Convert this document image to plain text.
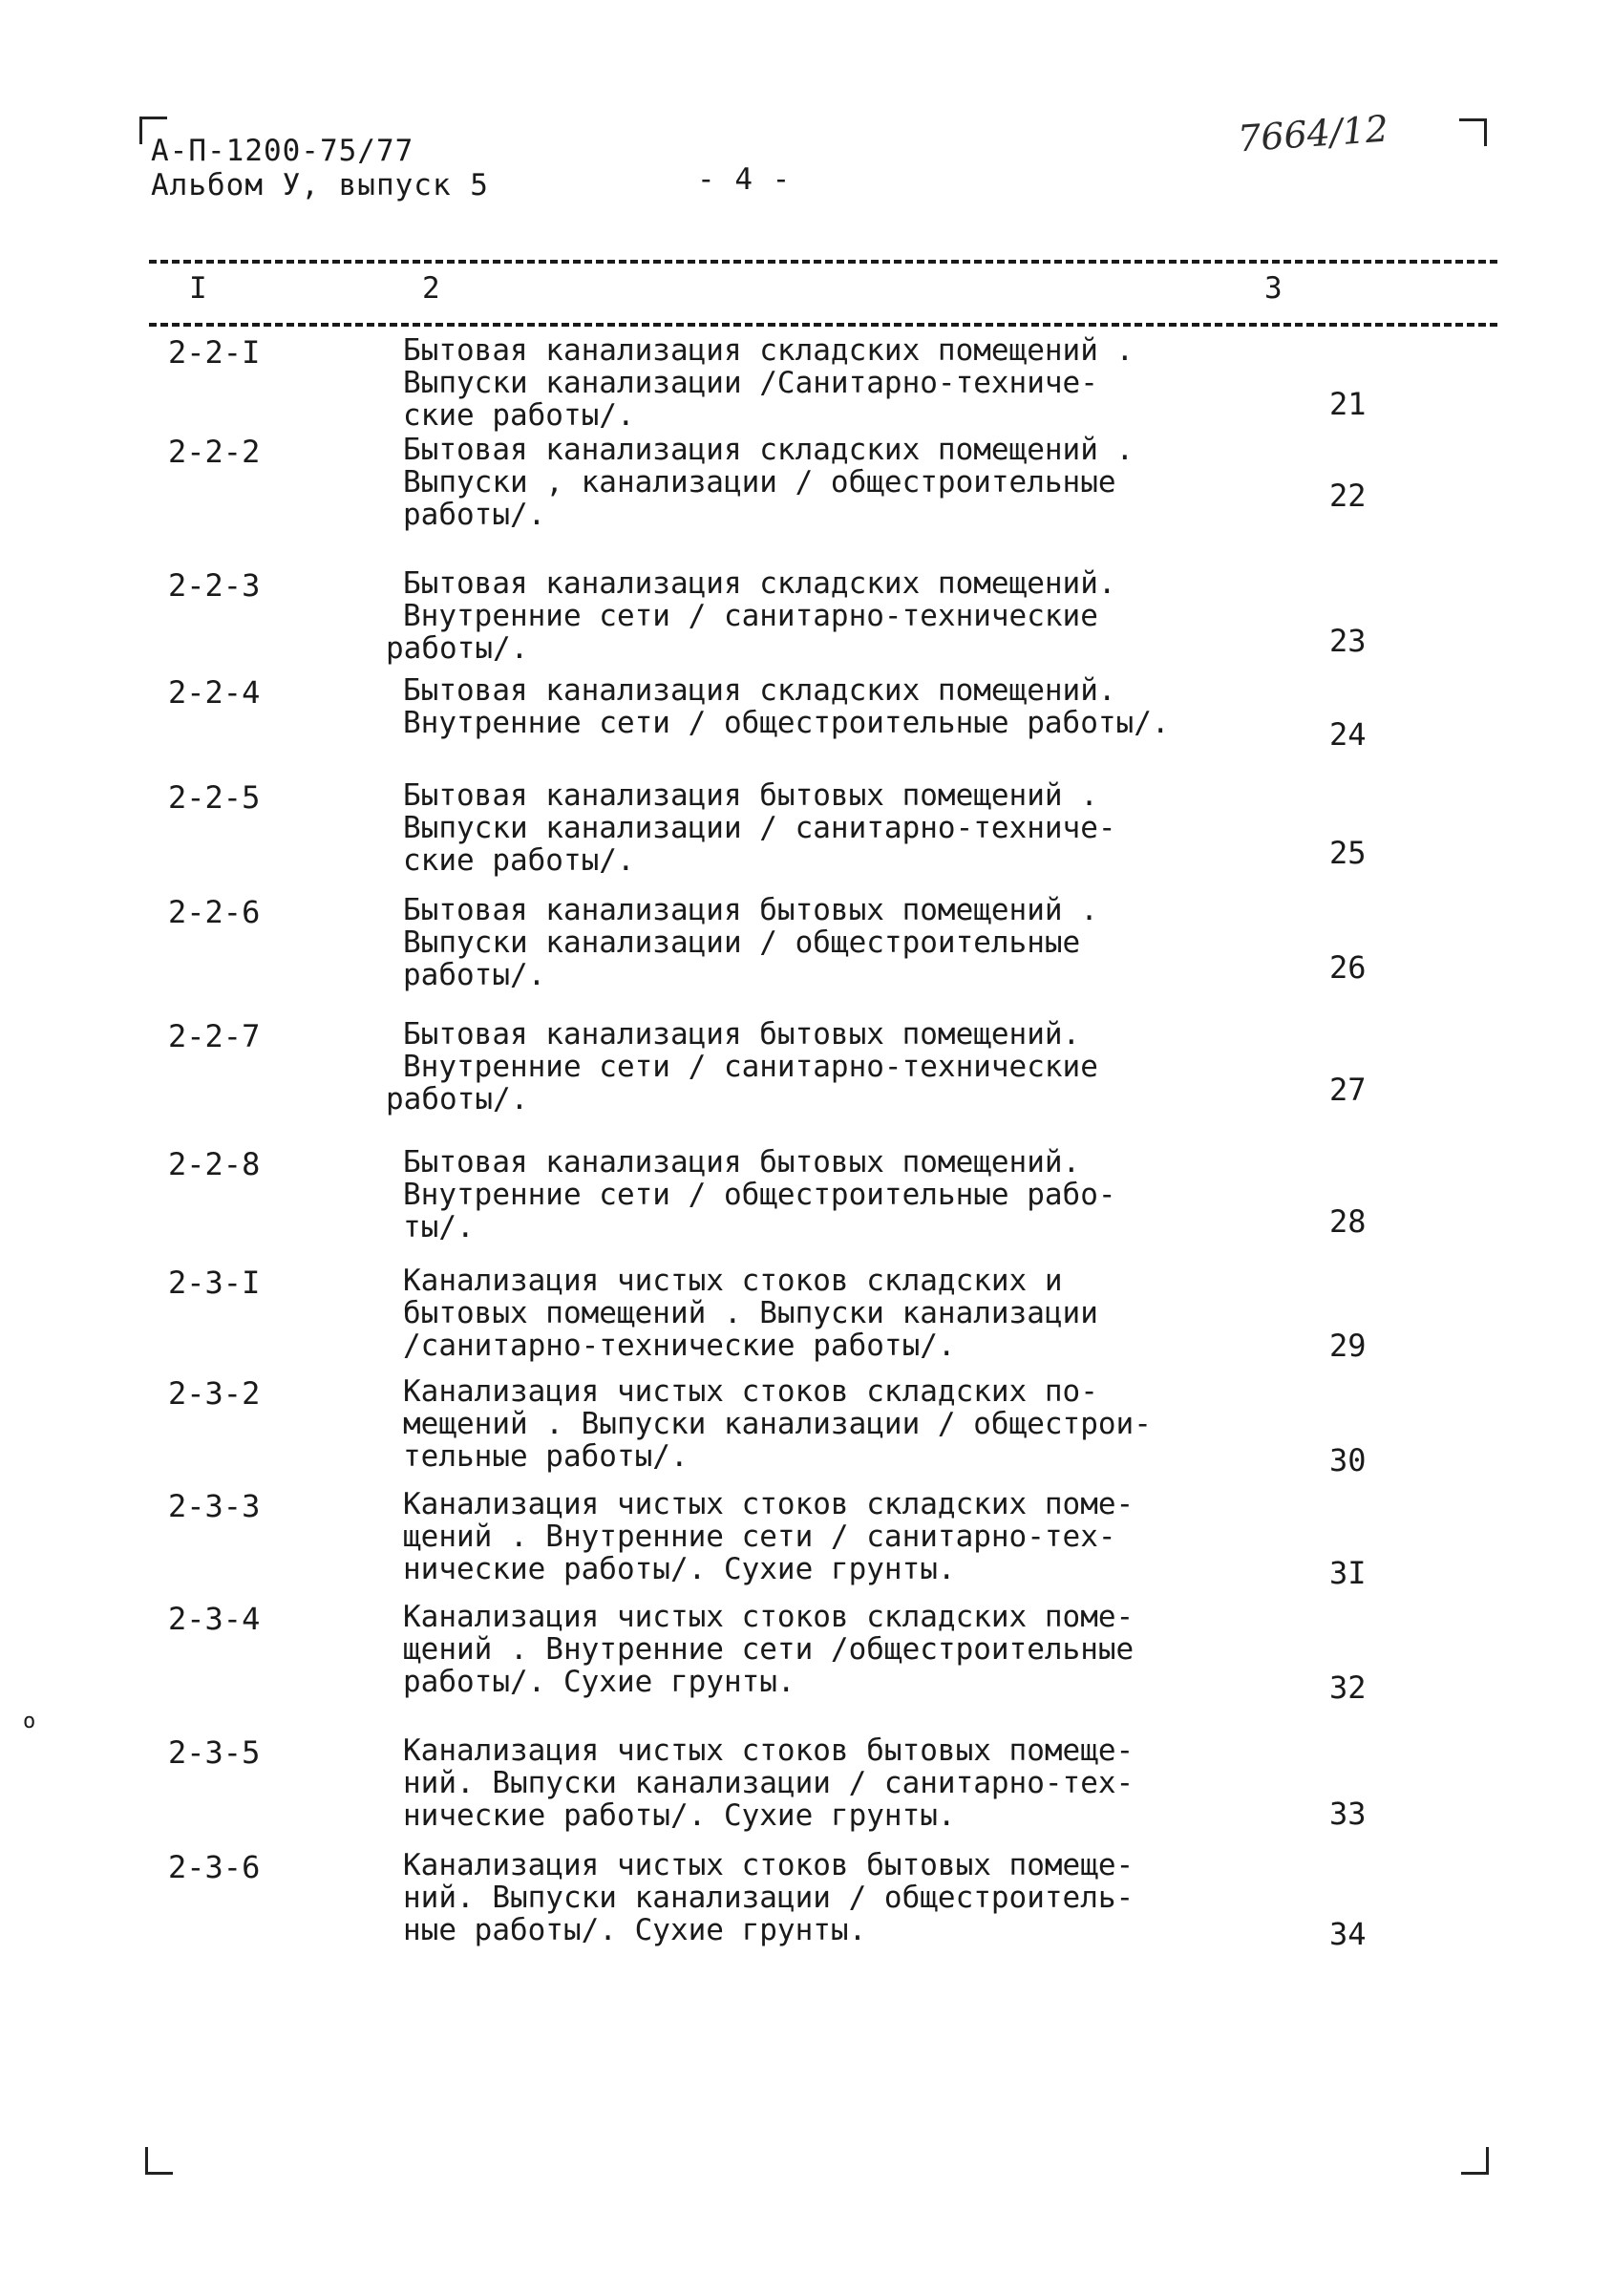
А-П-1200-75/77
Альбом У, выпуск 5	- 4 -
7664/12
I	2	3
2-2-I	Бытовая канализация складских помещений .
Выпуски канализации /Санитарно-техниче-
ские работы/.	21
2-2-2	Бытовая канализация складских помещений .
Выпуски , канализации / общестроительные
работы/.
22
2-2-3	Бытовая канализация складских помещений.
Внутренние сети / санитарно-технические
работы/.	23
2-2-4	Бытовая канализация складских помещений.
Внутренние сети / общестроительные работы/.	24
2-2-5	Бытовая канализация бытовых помещений .
Выпуски канализации / санитарно-техниче-
ские работы/.	25
2-2-6	Бытовая канализация бытовых помещений .
Выпуски канализации / общестроительные
работы/.	26
2-2-7	Бытовая канализация бытовых помещений.
Внутренние сети / санитарно-технические
работы/.	27
2-2-8	Бытовая канализация бытовых помещений.
Внутренние сети / общестроительные рабо-
ты/.	28
2-3-I	Канализация чистых стоков складских и
бытовых помещений . Выпуски канализации
/санитарно-технические работы/.	29
2-3-2	Канализация чистых стоков складских по-
мещений . Выпуски канализации / общестрои-
тельные работы/.	30
2-3-3	Канализация чистых стоков складских поме-
щений . Внутренние сети / санитарно-тех-
нические работы/. Сухие грунты.	3I
2-3-4	Канализация чистых стоков складских поме-
щений . Внутренние сети /общестроительные
работы/. Сухие грунты.	32
2-3-5	Канализация чистых стоков бытовых помеще-
ний. Выпуски канализации / санитарно-тех-
нические работы/. Сухие грунты.	33
2-3-6	Канализация чистых стоков бытовых помеще-
ний. Выпуски канализации / общестроитель-
ные работы/. Сухие грунты.	34
o
